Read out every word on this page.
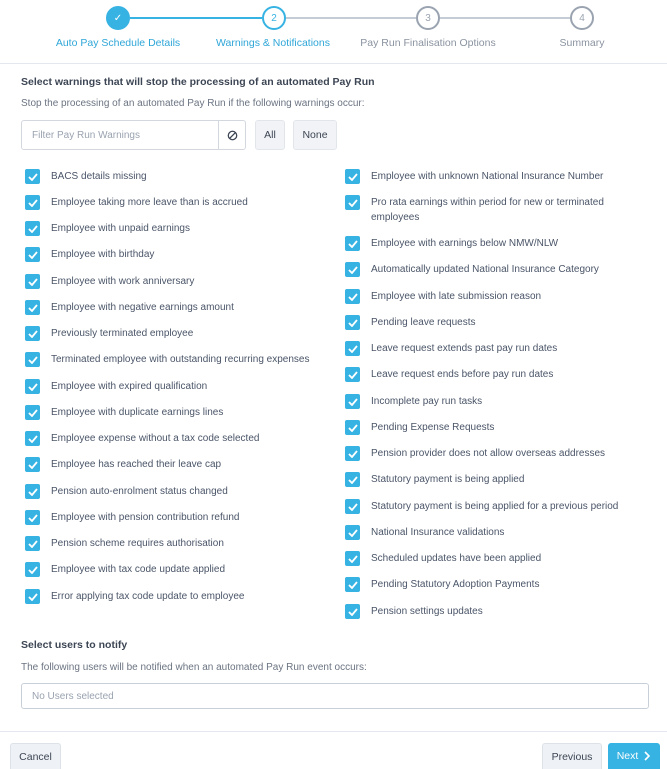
✓	2	3	4
Auto Pay Schedule Details	Warnings & Notifications	Pay Run Finalisation Options	Summary
Select warnings that will stop the processing of an automated Pay Run
Stop the processing of an automated Pay Run if the following warnings occur:
Filter Pay Run Warnings
All	None
BACS details missing
Employee taking more leave than is accrued
Employee with unpaid earnings
Employee with birthday
Employee with work anniversary
Employee with negative earnings amount
Previously terminated employee
Terminated employee with outstanding recurring expenses
Employee with expired qualification
Employee with duplicate earnings lines
Employee expense without a tax code selected
Employee has reached their leave cap
Pension auto-enrolment status changed
Employee with pension contribution refund
Pension scheme requires authorisation
Employee with tax code update applied
Error applying tax code update to employee
Employee with unknown National Insurance Number
Pro rata earnings within period for new or terminated employees
Employee with earnings below NMW/NLW
Automatically updated National Insurance Category
Employee with late submission reason
Pending leave requests
Leave request extends past pay run dates
Leave request ends before pay run dates
Incomplete pay run tasks
Pending Expense Requests
Pension provider does not allow overseas addresses
Statutory payment is being applied
Statutory payment is being applied for a previous period
National Insurance validations
Scheduled updates have been applied
Pending Statutory Adoption Payments
Pension settings updates
Select users to notify
The following users will be notified when an automated Pay Run event occurs:
No Users selected
Cancel	Previous	Next
